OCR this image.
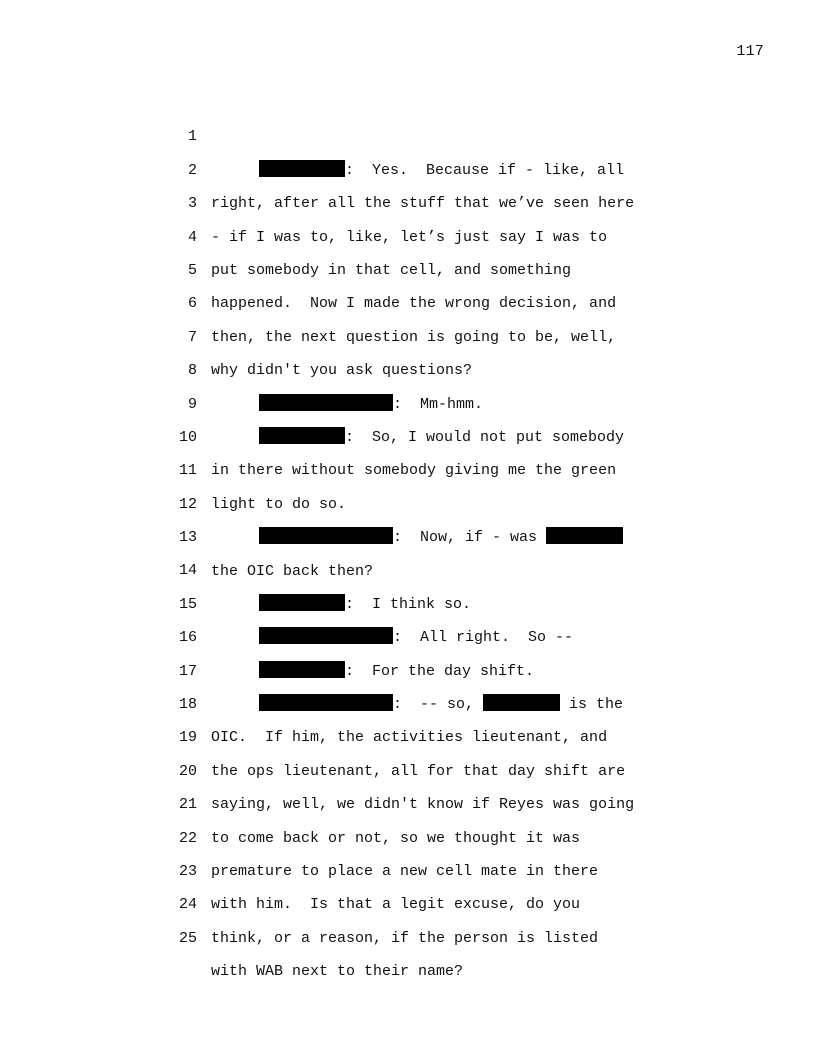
117

1

:  Yes.  Because if - like, all

2

right, after all the stuff that we’ve seen here

3

- if I was to, like, let’s just say I was to

4

put somebody in that cell, and something

5

happened.  Now I made the wrong decision, and

6

then, the next question is going to be, well,

7

why didn't you ask questions?

8

:  Mm-hmm.

9

:  So, I would not put somebody

10

in there without somebody giving me the green

11

light to do so.

12

:  Now, if - was

13

the OIC back then?

14

:  I think so.

15

:  All right.  So --

16

:  For the day shift.

17

:  -- so,	is the

18

OIC.  If him, the activities lieutenant, and

19

the ops lieutenant, all for that day shift are

20

saying, well, we didn't know if Reyes was going

21

to come back or not, so we thought it was

22

premature to place a new cell mate in there

23

with him.  Is that a legit excuse, do you

24

think, or a reason, if the person is listed

25

with WAB next to their name?
